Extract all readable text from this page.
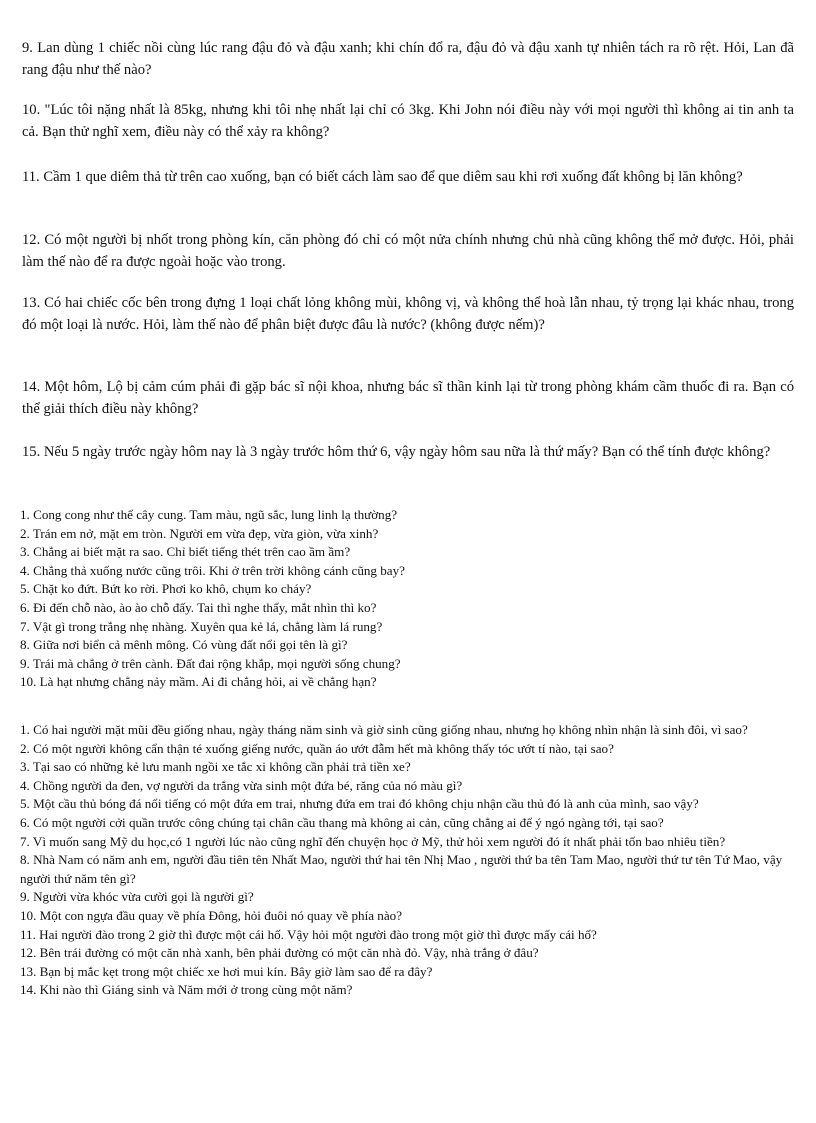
9. Lan dùng 1 chiếc nồi cùng lúc rang đậu đỏ và đậu xanh; khi chín đổ ra, đậu đỏ và đậu xanh tự nhiên tách ra rõ rệt. Hỏi, Lan đã rang đậu như thế nào?

10. "Lúc tôi nặng nhất là 85kg, nhưng khi tôi nhẹ nhất lại chỉ có 3kg. Khi John nói điều này với mọi người thì không ai tin anh ta cả. Bạn thử nghĩ xem, điều này có thể xảy ra không?

11. Cầm 1 que diêm thả từ trên cao xuống, bạn có biết cách làm sao để que diêm sau khi rơi xuống đất không bị lăn không?

12. Có một người bị nhốt trong phòng kín, căn phòng đó chỉ có một nửa chính nhưng chủ nhà cũng không thể mở được. Hỏi, phải làm thế nào để ra được ngoài hoặc vào trong.

13. Có hai chiếc cốc bên trong đựng 1 loại chất lỏng không mùi, không vị, và không thể hoà lẫn nhau, tỷ trọng lại khác nhau, trong đó một loại là nước. Hỏi, làm thế nào để phân biệt được đâu là nước? (không được nếm)?

14. Một hôm, Lộ bị cảm cúm phải đi gặp bác sĩ nội khoa, nhưng bác sĩ thần kinh lại từ trong phòng khám cầm thuốc đi ra. Bạn có thể giải thích điều này không?

15. Nếu 5 ngày trước ngày hôm nay là 3 ngày trước hôm thứ 6, vậy ngày hôm sau nữa là thứ mấy? Bạn có thể tính được không?

1. Cong cong như thể cây cung. Tam màu, ngũ sắc, lung linh lạ thường?
2. Trán em nở, mặt em tròn. Người em vừa đẹp, vừa giòn, vừa xinh?
3. Chẳng ai biết mặt ra sao. Chỉ biết tiếng thét trên cao ầm ầm?
4. Chẳng thả xuống nước cũng trôi. Khi ở trên trời không cánh cũng bay?
5. Chặt ko đứt. Bứt ko rời. Phơi ko khô, chụm ko cháy?
6. Đi đến chỗ nào, ào ào chỗ đấy. Tai thì nghe thấy, mắt nhìn thì ko?
7. Vật gì trong trắng nhẹ nhàng. Xuyên qua kẻ lá, chẳng làm lá rung?
8. Giữa nơi biển cả mênh mông. Có vùng đất nổi gọi tên là gì?
9. Trái mà chẳng ở trên cành. Đất đai rộng khắp, mọi người sống chung?
10. Là hạt nhưng chẳng nảy mầm. Ai đi chẳng hỏi, ai về chẳng hạn?
1. Có hai người mặt mũi đều giống nhau, ngày tháng năm sinh và giờ sinh cũng giống nhau, nhưng họ không nhìn nhận là sinh đôi, vì sao?
2. Có một người không cẩn thận té xuống giếng nước, quần áo ướt đẫm hết mà không thấy tóc ướt tí nào, tại sao?
3. Tại sao có những kẻ lưu manh ngồi xe tắc xi không cần phải trả tiền xe?
4. Chồng người da đen, vợ người da trắng vừa sinh một đứa bé, răng của nó màu gì?
5. Một cầu thủ bóng đá nổi tiếng có một đứa em trai, nhưng đứa em trai đó không chịu nhận cầu thủ đó là anh của mình, sao vậy?
6. Có một người cởi quần trước công chúng tại chân cầu thang mà không ai cản, cũng chẳng ai để ý ngó ngàng tới, tại sao?
7. Vì muốn sang Mỹ du học,có 1 người lúc nào cũng nghĩ đến chuyện học ở Mỹ, thử hỏi xem người đó ít nhất phải tốn bao nhiêu tiền?
8. Nhà Nam có năm anh em, người đầu tiên tên Nhất Mao, người thứ hai tên Nhị Mao , người thứ ba tên Tam Mao, người thứ tư tên Tứ Mao, vậy người thứ năm tên gì?
9. Người vừa khóc vừa cười gọi là người gì?
10. Một con ngựa đầu quay về phía Đông, hỏi đuôi nó quay về phía nào?
11. Hai người đào trong 2 giờ thì được một cái hố. Vậy hỏi một người đào trong một giờ thì được mấy cái hố?
12. Bên trái đường có một căn nhà xanh, bên phải đường có một căn nhà đỏ. Vậy, nhà trắng ở đâu?
13. Bạn bị mắc kẹt trong một chiếc xe hơi mui kín. Bây giờ làm sao để ra đây?
14. Khi nào thì Giáng sinh và Năm mới ở trong cùng một năm?
